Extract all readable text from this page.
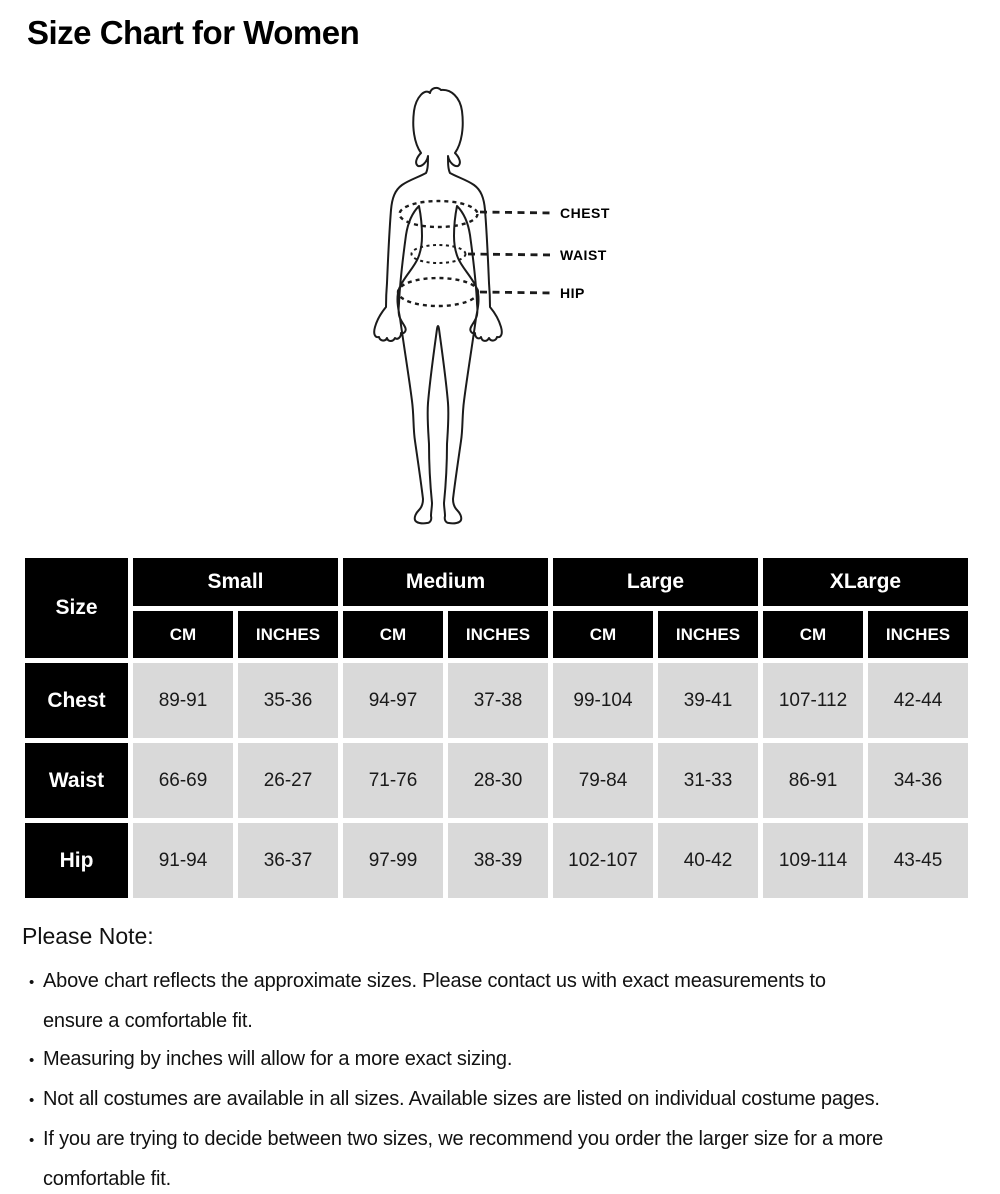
Size Chart for Women
CHEST
WAIST
HIP
Size	Small		Medium		Large		XLarge	
	CM	INCHES	CM	INCHES	CM	INCHES	CM	INCHES
Chest	89-91	35-36	94-97	37-38	99-104	39-41	107-112	42-44
Waist	66-69	26-27	71-76	28-30	79-84	31-33	86-91	34-36
Hip	91-94	36-37	97-99	38-39	102-107	40-42	109-114	43-45
Please Note:
• Above chart reflects the approximate sizes. Please contact us with exact measurements to
ensure a comfortable fit.
• Measuring by inches will allow for a more exact sizing.
• Not all costumes are available in all sizes. Available sizes are listed on individual costume pages.
• If you are trying to decide between two sizes, we recommend you order the larger size for a more
comfortable fit.
